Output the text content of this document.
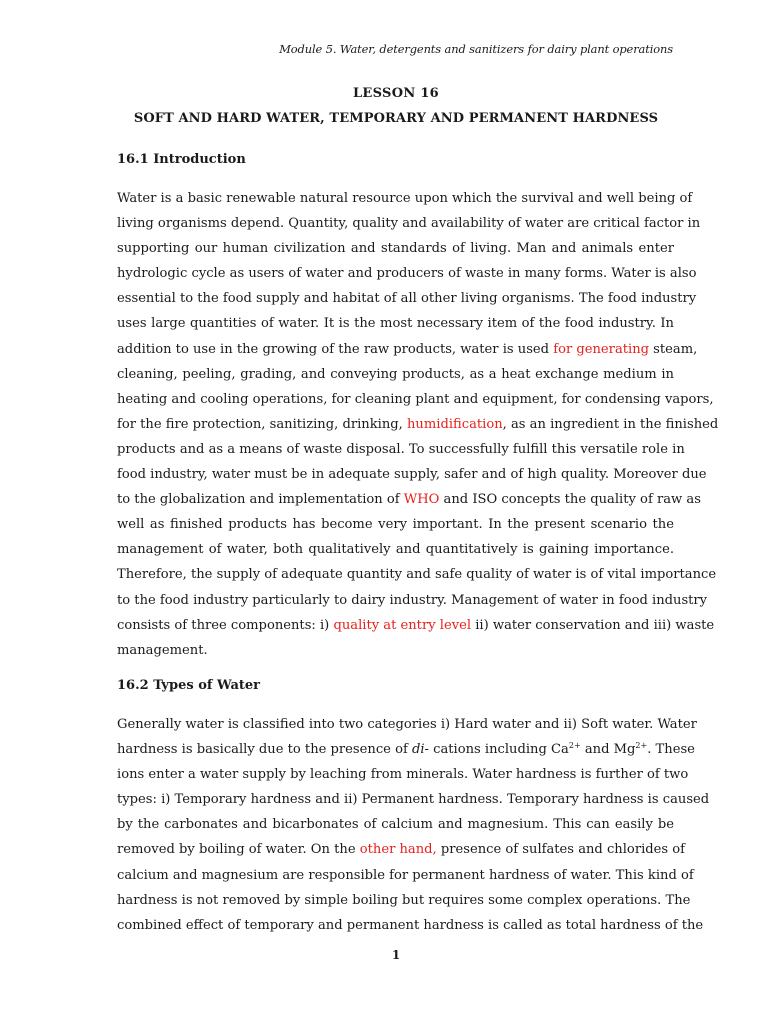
Module 5. Water, detergents and sanitizers for dairy plant operations
LESSON 16
SOFT AND HARD WATER, TEMPORARY AND PERMANENT HARDNESS
16.1 Introduction
Water is a basic renewable natural resource upon which the survival and well being of
living organisms depend. Quantity, quality and availability of water are critical factor in
supporting our human civilization and standards of living. Man and animals enter
hydrologic cycle as users of water and producers of waste in many forms. Water is also
essential to the food supply and habitat of all other living organisms. The food industry
uses large quantities of water. It is the most necessary item of the food industry. In
addition to use in the growing of the raw products, water is used for generating steam,
cleaning, peeling, grading, and conveying products, as a heat exchange medium in
heating and cooling operations, for cleaning plant and equipment, for condensing vapors,
for the fire protection, sanitizing, drinking, humidification, as an ingredient in the finished
products and as a means of waste disposal. To successfully fulfill this versatile role in
food industry, water must be in adequate supply, safer and of high quality. Moreover due
to the globalization and implementation of WHO and ISO concepts the quality of raw as
well as finished products has become very important. In the present scenario the
management of water, both qualitatively and quantitatively is gaining importance.
Therefore, the supply of adequate quantity and safe quality of water is of vital importance
to the food industry particularly to dairy industry. Management of water in food industry
consists of three components: i) quality at entry level ii) water conservation and iii) waste
management.
16.2 Types of Water
Generally water is classified into two categories i) Hard water and ii) Soft water. Water
hardness is basically due to the presence of di- cations including $Ca^{2+}$ and $Mg^{2+}$. These
ions enter a water supply by leaching from minerals. Water hardness is further of two
types: i) Temporary hardness and ii) Permanent hardness. Temporary hardness is caused
by the carbonates and bicarbonates of calcium and magnesium. This can easily be
removed by boiling of water. On the other hand, presence of sulfates and chlorides of
calcium and magnesium are responsible for permanent hardness of water. This kind of
hardness is not removed by simple boiling but requires some complex operations. The
combined effect of temporary and permanent hardness is called as total hardness of the
1
